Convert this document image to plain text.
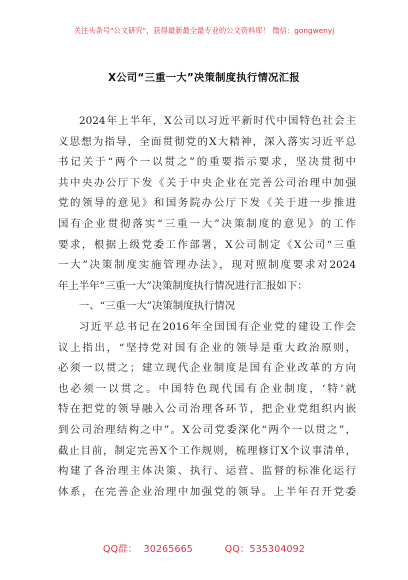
关注头条号"公文研究"，获得最新最全最专业的公文资料库！ 微信：gongwenyj
X公司“三重一大”决策制度执行情况汇报
2024年上半年，X公司以习近平新时代中国特色社会主
义思想为指导，全面贯彻党的X大精神，深入落实习近平总
书记关于“两个一以贯之”的重要指示要求，坚决贯彻中
共中央办公厅下发《关于中央企业在完善公司治理中加强
党的领导的意见》和国务院办公厅下发《关于进一步推进
国有企业贯彻落实“三重一大”决策制度的意见》的工作
要求，根据上级党委工作部署，X公司制定《X公司“三重
一大”决策制度实施管理办法》，现对照制度要求对2024
年上半年“三重一大”决策制度执行情况进行汇报如下：
一、“三重一大”决策制度执行情况
习近平总书记在2016年全国国有企业党的建设工作会
议上指出，“坚持党对国有企业的领导是重大政治原则，
必须一以贯之；建立现代企业制度是国有企业改革的方向
也必须一以贯之。中国特色现代国有企业制度，‘特’就
特在把党的领导融入公司治理各环节，把企业党组织内嵌
到公司治理结构之中”。X公司党委深化“两个一以贯之”，
截止目前，制定完善X个工作规则，梳理修订X个议事清单，
构建了各治理主体决策、执行、运营、监督的标准化运行
体系，在完善企业治理中加强党的领导。上半年召开党委
QQ群：  30265665	QQ：535304092
